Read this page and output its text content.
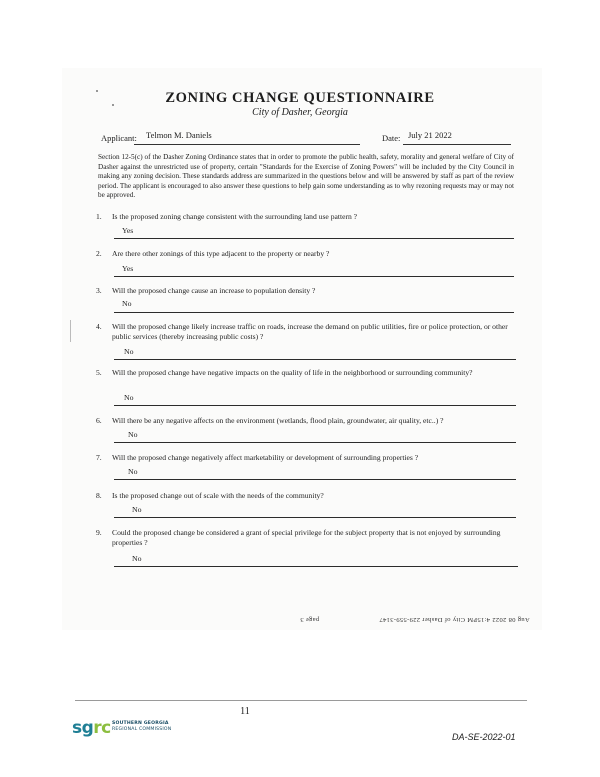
ZONING CHANGE QUESTIONNAIRE
City of Dasher, Georgia
Applicant: Telmon M. Daniels	Date: July 21 2022

Section 12-5(c) of the Dasher Zoning Ordinance states that in order to promote the public health, safety, morality and general welfare of City of Dasher against the unrestricted use of property, certain "Standards for the Exercise of Zoning Powers" will be included by the City Council in making any zoning decision. These standards address are summarized in the questions below and will be answered by staff as part of the review period. The applicant is encouraged to also answer these questions to help gain some understanding as to why rezoning requests may or may not be approved.

1.	Is the proposed zoning change consistent with the surrounding land use pattern ?
Yes
2.	Are there other zonings of this type adjacent to the property or nearby ?
Yes
3.	Will the proposed change cause an increase to population density ?
No
4.	Will the proposed change likely increase traffic on roads, increase the demand on public utilities, fire or police protection, or other public services (thereby increasing public costs) ?
No
5.	Will the proposed change have negative impacts on the quality of life in the neighborhood or surrounding community?
No
6.	Will there be any negative affects on the environment (wetlands, flood plain, groundwater, air quality, etc..) ?
No
7.	Will the proposed change negatively affect marketability or development of surrounding properties ?
No
8.	Is the proposed change out of scale with the needs of the community?
No
9.	Could the proposed change be considered a grant of special privilege for the subject property that is not enjoyed by surrounding properties ?
No
Aug 08 2022 4:15PM City of Dasher 229-559-3147  page 3
11
sgrc SOUTHERN GEORGIA
REGIONAL COMMISSION
DA-SE-2022-01
